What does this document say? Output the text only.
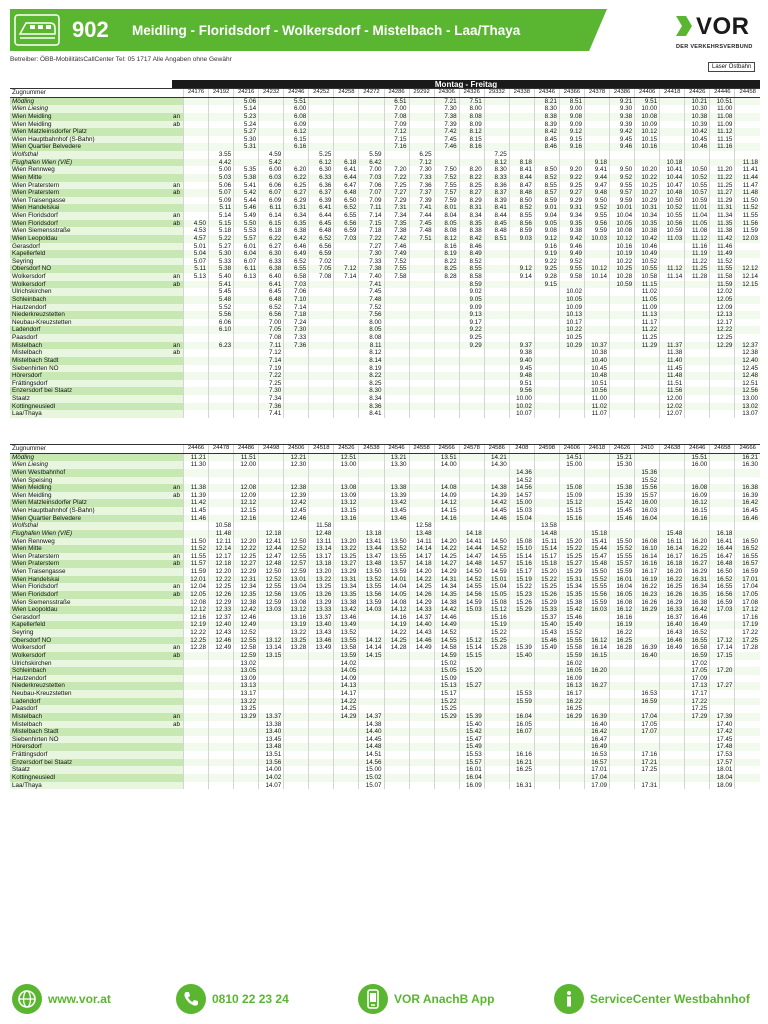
902 Meidling - Floridsdorf - Wolkersdorf - Mistelbach - Laa/Thaya	VOR
DER VERKEHRSVERBUND
Betreiber: ÖBB-MobilitätsCallCenter Tel: 05 1717 Alle Angaben ohne Gewähr
Laser Ostbahn
Montag - Freitag
Zugnummer		24176	24192	24216	24232	24246	24252	24258	24272	24286	29292	24306	24326	29332	24338	24346	24366	24378	24386	24406	24418	24426	24446	24458
Mödling				5.06		5.51				6.51		7.21	7.51			8.21	8.51		9.21	9.51		10.21	10.51	
Wien Liesing				5.14		6.00				7.00		7.30	8.00			8.30	9.00		9.30	10.00		10.30	11.00	
Wien Meidling	an			5.23		6.08				7.08		7.38	8.08			8.38	9.08		9.38	10.08		10.38	11.08	
Wien Meidling	ab			5.24		6.09				7.09		7.39	8.09			8.39	9.09		9.39	10.09		10.39	11.09	
Wien Matzleinsdorfer Platz				5.27		6.12				7.12		7.42	8.12			8.42	9.12		9.42	10.12		10.42	11.12	
Wien Hauptbahnhof (S-Bahn)				5.30		6.15				7.15		7.45	8.15			8.45	9.15		9.45	10.15		10.45	11.15	
Wien Quartier Belvedere				5.31		6.16				7.16		7.46	8.16			8.46	9.16		9.46	10.16		10.46	11.16	
Wolfsthal			3.55		4.59		5.25		5.59		6.25			7.25										
Flughafen Wien (VIE)			4.42		5.42		6.12	6.18	6.42		7.12			8.12	8.18			9.18			10.18			11.18
Wien Rennweg			5.00	5.35	6.00	6.20	6.30	6.41	7.00	7.20	7.30	7.50	8.20	8.30	8.41	8.50	9.20	9.41	9.50	10.20	10.41	10.50	11.20	11.41
Wien Mitte			5.03	5.38	6.03	6.22	6.33	6.44	7.03	7.22	7.33	7.52	8.22	8.33	8.44	8.52	9.22	9.44	9.52	10.22	10.44	10.52	11.22	11.44
Wien Praterstern	an		5.06	5.41	6.06	6.25	6.36	6.47	7.06	7.25	7.36	7.55	8.25	8.36	8.47	8.55	9.25	9.47	9.55	10.25	10.47	10.55	11.25	11.47
Wien Praterstern	ab		5.07	5.42	6.07	6.27	6.37	6.48	7.07	7.27	7.37	7.57	8.27	8.37	8.48	8.57	9.27	9.48	9.57	10.27	10.48	10.57	11.27	11.48
Wien Traisengasse			5.09	5.44	6.09	6.29	6.39	6.50	7.09	7.29	7.39	7.59	8.29	8.39	8.50	8.59	9.29	9.50	9.59	10.29	10.50	10.59	11.29	11.50
Wien Handelskai			5.11	5.46	6.11	6.31	6.41	6.52	7.11	7.31	7.41	8.01	8.31	8.41	8.52	9.01	9.31	9.52	10.01	10.31	10.52	11.01	11.31	11.52
Wien Floridsdorf	an		5.14	5.49	6.14	6.34	6.44	6.55	7.14	7.34	7.44	8.04	8.34	8.44	8.55	9.04	9.34	9.55	10.04	10.34	10.55	11.04	11.34	11.55
Wien Floridsdorf	ab	4.50	5.15	5.50	6.15	6.35	6.45	6.56	7.15	7.35	7.45	8.05	8.35	8.45	8.56	9.05	9.35	9.56	10.05	10.35	10.56	11.05	11.35	11.56
Wien Siemensstraße		4.53	5.18	5.53	6.18	6.38	6.48	6.59	7.18	7.38	7.48	8.08	8.38	8.48	8.59	9.08	9.38	9.59	10.08	10.38	10.59	11.08	11.38	11.59
Wien Leopoldau		4.57	5.22	5.57	6.22	6.42	6.52	7.03	7.22	7.42	7.51	8.12	8.42	8.51	9.03	9.12	9.42	10.03	10.12	10.42	11.03	11.12	11.42	12.03
Gerasdorf		5.01	5.27	6.01	6.27	6.46	6.56		7.27	7.46		8.16	8.46			9.16	9.46		10.16	10.46		11.16	11.46	
Kapellerfeld		5.04	5.30	6.04	6.30	6.49	6.59		7.30	7.49		8.19	8.49			9.19	9.49		10.19	10.49		11.19	11.49	
Seyring		5.07	5.33	6.07	6.33	6.52	7.02		7.33	7.52		8.22	8.52			9.22	9.52		10.22	10.52		11.22	11.52	
Obersdorf NÖ		5.11	5.38	6.11	6.38	6.55	7.05	7.12	7.38	7.55		8.25	8.55		9.12	9.25	9.55	10.12	10.25	10.55	11.12	11.25	11.55	12.12
Wolkersdorf	an	5.13	5.40	6.13	6.40	6.58	7.08	7.14	7.40	7.58		8.28	8.58		9.14	9.28	9.58	10.14	10.28	10.58	11.14	11.28	11.58	12.14
Wolkersdorf	ab		5.41		6.41	7.03			7.41				8.59			9.15			10.59	11.15			11.59	12.15
Ulrichskirchen			5.45		6.45	7.06			7.45				9.02				10.02			11.02			12.02	
Schleinbach			5.48		6.48	7.10			7.48				9.05				10.05			11.05			12.05	
Hautzendorf			5.52		6.52	7.14			7.52				9.09				10.09			11.09			12.09	
Niederkreuzstetten			5.56		6.56	7.18			7.56				9.13				10.13			11.13			12.13	
Neubau-Kreuzstetten			6.06		7.00	7.24			8.00				9.17				10.17			11.17			12.17	
Ladendorf			6.10		7.05	7.30			8.05				9.22				10.22			11.22			12.22	
Paasdorf					7.08	7.33			8.08				9.25				10.25			11.25			12.25	
Mistelbach	an		6.23		7.11	7.36			8.11				9.29		9.37		10.29	10.37		11.29	11.37		12.29	12.37
Mistelbach	ab				7.12				8.12						9.38			10.38			11.38			12.38
Mistelbach Stadt					7.14				8.14						9.40			10.40			11.40			12.40
Siebenhirten NÖ					7.19				8.19						9.45			10.45			11.45			12.45
Hörersdorf					7.22				8.22						9.48			10.48			11.48			12.48
Frättingsdorf					7.25				8.25						9.51			10.51			11.51			12.51
Enzersdorf bei Staatz					7.30				8.30						9.56			10.56			11.56			12.56
Staatz					7.34				8.34						10.00			11.00			12.00			13.00
Kottingneusiedl					7.36				8.36						10.02			11.02			12.02			13.02
Laa/Thaya					7.41				8.41						10.07			11.07			12.07			13.07
Zugnummer		24466	24478	24486	24498	24506	24518	24526	24538	24546	24558	24566	24578	24586	2408	24598	24606	24618	24626	2410	24638	24646	24658	24666
Mödling		11.21		11.51		12.21		12.51		13.21		13.51		14.21			14.51		15.21			15.51		16.21
Wien Liesing		11.30		12.00		12.30		13.00		13.30		14.00		14.30			15.00		15.30			16.00		16.30
Wien Westbahnhof															14.36					15.36				
Wien Speising															14.52					15.52				
Wien Meidling	an	11.38		12.08		12.38		13.08		13.38		14.08		14.38	14.56		15.08		15.38	15.56		16.08		16.38
Wien Meidling	ab	11.39		12.09		12.39		13.09		13.39		14.09		14.39	14.57		15.09		15.39	15.57		16.09		16.39
Wien Matzleinsdorfer Platz		11.42		12.12		12.42		13.12		13.42		14.12		14.42	15.00		15.12		15.42	16.00		16.12		16.42
Wien Hauptbahnhof (S-Bahn)		11.45		12.15		12.45		13.15		13.45		14.15		14.45	15.03		15.15		15.45	16.03		16.15		16.45
Wien Quartier Belvedere		11.46		12.16		12.46		13.16		13.46		14.16		14.46	15.04		15.16		15.46	16.04		16.16		16.46
Wolfsthal			10.58				11.58				12.58					13.58								
Flughafen Wien (VIE)			11.48		12.18		12.48		13.18		13.48		14.18			14.48		15.18			15.48		16.18	
Wien Rennweg		11.50	12.11	12.20	12.41	12.50	13.11	13.20	13.41	13.50	14.11	14.20	14.41	14.50	15.08	15.11	15.20	15.41	15.50	16.08	16.11	16.20	16.41	16.50
Wien Mitte		11.52	12.14	12.22	12.44	12.52	13.14	13.22	13.44	13.52	14.14	14.22	14.44	14.52	15.10	15.14	15.22	15.44	15.52	16.10	16.14	16.22	16.44	16.52
Wien Praterstern	an	11.55	12.17	12.25	12.47	12.55	13.17	13.25	13.47	13.55	14.17	14.25	14.47	14.55	15.14	15.17	15.25	15.47	15.55	16.14	16.17	16.25	16.47	16.55
Wien Praterstern	ab	11.57	12.18	12.27	12.48	12.57	13.18	13.27	13.48	13.57	14.18	14.27	14.48	14.57	15.16	15.18	15.27	15.48	15.57	16.16	16.18	16.27	16.48	16.57
Wien Traisengasse		11.59	12.20	12.29	12.50	12.59	13.20	13.29	13.50	13.59	14.20	14.29	14.50	14.59	15.17	15.20	15.29	15.50	15.59	16.17	16.20	16.29	16.50	16.59
Wien Handelskai		12.01	12.22	12.31	12.52	13.01	13.22	13.31	13.52	14.01	14.22	14.31	14.52	15.01	15.19	15.22	15.31	15.52	16.01	16.19	16.22	16.31	16.52	17.01
Wien Floridsdorf	an	12.04	12.25	12.34	12.55	13.04	13.25	13.34	13.55	14.04	14.25	14.34	14.55	15.04	15.22	15.25	15.34	15.55	16.04	16.22	16.25	16.34	16.55	17.04
Wien Floridsdorf	ab	12.05	12.26	12.35	12.56	13.05	13.26	13.35	13.56	14.05	14.26	14.35	14.56	15.05	15.23	15.26	15.35	15.56	16.05	16.23	16.26	16.35	16.56	17.05
Wien Siemensstraße		12.08	12.29	12.38	12.59	13.08	13.29	13.38	13.59	14.08	14.29	14.38	14.59	15.08	15.26	15.29	15.38	15.59	16.08	16.26	16.29	16.38	16.59	17.08
Wien Leopoldau		12.12	12.33	12.42	13.03	13.12	13.33	13.42	14.03	14.12	14.33	14.42	15.03	15.12	15.29	15.33	15.42	16.03	16.12	16.29	16.33	16.42	17.03	17.12
Gerasdorf		12.16	12.37	12.46		13.16	13.37	13.46		14.16	14.37	14.46		15.16		15.37	15.46		16.16		16.37	16.46		17.16
Kapellerfeld		12.19	12.40	12.49		13.19	13.40	13.49		14.19	14.40	14.49		15.19		15.40	15.49		16.19		16.40	16.49		17.19
Seyring		12.22	12.43	12.52		13.22	13.43	13.52		14.22	14.43	14.52		15.22		15.43	15.52		16.22		16.43	16.52		17.22
Obersdorf NÖ		12.25	12.46	12.55	13.12	13.25	13.46	13.55	14.12	14.25	14.46	14.55	15.12	15.25		15.46	15.55	16.12	16.25		16.46	16.55	17.12	17.25
Wolkersdorf	an	12.28	12.49	12.58	13.14	13.28	13.49	13.58	14.14	14.28	14.49	14.58	15.14	15.28	15.39	15.49	15.58	16.14	16.28	16.39	16.49	16.58	17.14	17.28
Wolkersdorf	ab			12.59	13.15			13.59	14.15			14.59	15.15		15.40		15.59	16.15		16.40		16.59	17.15	
Ulrichskirchen				13.02				14.02				15.02					16.02					17.02		
Schleinbach				13.05				14.05				15.05	15.20				16.05	16.20				17.05	17.20	
Hautzendorf				13.09				14.09				15.09					16.09					17.09		
Niederkreuzstetten				13.13				14.13				15.13	15.27				16.13	16.27				17.13	17.27	
Neubau-Kreuzstetten				13.17				14.17				15.17			15.53		16.17			16.53		17.17		
Ladendorf				13.22				14.22				15.22			15.59		16.22			16.59		17.22		
Paasdorf				13.25				14.25				15.25					16.25					17.25		
Mistelbach	an			13.29	13.37			14.29	14.37			15.29	15.39		16.04		16.29	16.39		17.04		17.29	17.39	
Mistelbach	ab				13.38				14.38				15.40		16.05			16.40		17.05			17.40	
Mistelbach Stadt					13.40				14.40				15.42		16.07			16.42		17.07			17.42	
Siebenhirten NÖ					13.45				14.45				15.47					16.47					17.45	
Hörersdorf					13.48				14.48				15.49					16.49					17.48	
Frättingsdorf					13.51				14.51				15.53		16.16			16.53		17.16			17.53	
Enzersdorf bei Staatz					13.56				14.56				15.57		16.21			16.57		17.21			17.57	
Staatz					14.00				15.00				16.01		16.25			17.01		17.25			18.01	
Kottingneusiedl					14.02				15.02				16.04					17.04					18.04	
Laa/Thaya					14.07				15.07				16.09		16.31			17.09		17.31			18.09	
www.vor.at	0810 22 23 24	VOR AnachB App	ServiceCenter Westbahnhof
